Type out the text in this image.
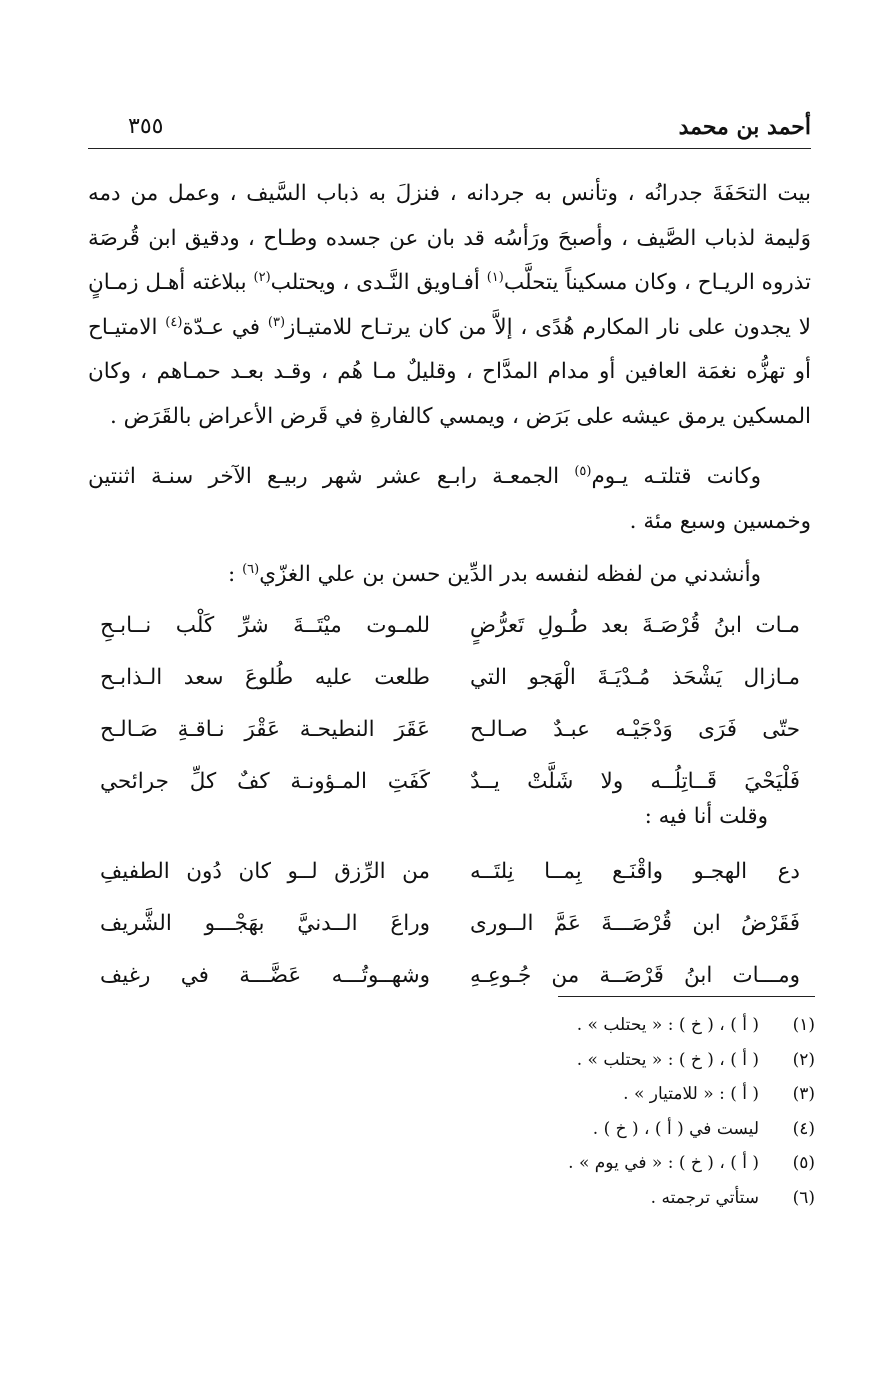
أحمد بن محمد
٣٥٥

بيت التحَفَةَ جدرانُه ، وتأنس به جردانه ، فنزلَ به ذباب السَّيف ، وعمل من دمه وَليمة لذباب الصَّيف ، وأصبحَ ورَأسُه قد بان عن جسده وطـاح ، ودقيق ابن قُرصَة تذروه الريـاح ، وكان مسكيناً يتحلَّب$^{(١)}$ أفـاويق النَّـدى ، ويحتلب$^{(٢)}$ ببلاغته أهـل زمـانٍ لا يجدون على نار المكارم هُدًى ، إلاَّ من كان يرتـاح للامتيـاز$^{(٣)}$ في عـدّة$^{(٤)}$ الامتيـاح أو تهزُّه نغمَة العافين أو مدام المدَّاح ، وقليلٌ مـا هُم ، وقـد بعـد حمـاهم ، وكان المسكين يرمق عيشه على بَرَض ، ويمسي كالفارةِ في قَرض الأعراض بالقَرَض .

وكانت قتلتـه يـوم$^{(٥)}$ الجمعـة رابـع عشر شهر ربيـع الآخر سنـة اثنتين وخمسين وسبع مئة .

وأنشدني من لفظه لنفسه بدر الدِّين حسن بن علي الغزّي$^{(٦)}$ :

مـات ابنُ قُرْصَـةَ بعد طُـولِ تَعرُّضٍ
للمـوت ميْتَــةَ شرِّ كَلْب نــابـحِ
مـازال يَشْحَذ مُـدْيَـةَ الْهَجو التي
طلعت عليه طُلوعَ سعد الـذابـح
حتّى فَرَى وَدْجَيْـه عبـدٌ صـالـح
عَقَرَ النطيحـة عَقْرَ نـاقـةِ صَـالـح
فَلْيَحْيَ قَــاتِلُــه ولا شَلَّتْ يــدٌ
كَفَتِ المـؤونـة كفٌ كلِّ جرائحي
وقلت أنا فيه :
دع الهجـو واقْنَـع بِمــا نِلتَــه
من الرِّزق لــو كان دُون الطفيفِ
فَقَرْضُ ابن قُرْصَـــةَ عَمَّ الــورى
وراعَ الــدنيَّ بهَجْـــو الشَّريف
ومـــات ابنُ قَرْصَــة من جُـوعِـهِ
وشهــوتُـــه عَضَّـــة في رغيف
(١)
( أ ) ، ( خ ) : « يحتلب » .
(٢)
( أ ) ، ( خ ) : « يحتلب » .
(٣)
( أ ) : « للامتيار » .
(٤)
ليست في ( أ ) ، ( خ ) .
(٥)
( أ ) ، ( خ ) : « في يوم » .
(٦)
ستأتي ترجمته .
